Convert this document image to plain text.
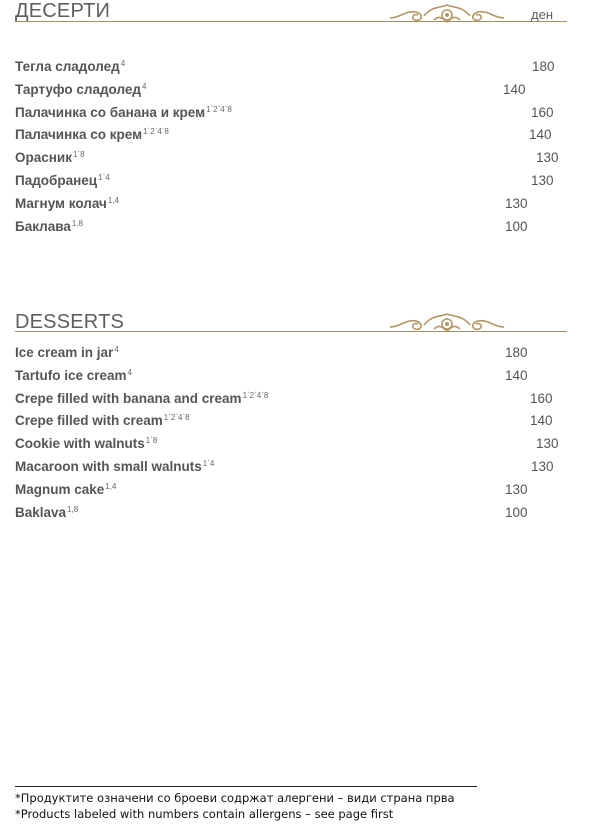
ДЕСЕРТИ	ден
Тегла сладолед$^4$	180
Тартуфо сладолед$^4$	140
Палачинка со банана и крем$^{1`2`4`8}$	160
Палачинка со крем$^{1`2`4`8}$	140
Орасник$^{1`8}$	130
Падобранец$^{1`4}$	130
Магнум колач$^{1,4}$	130
Баклава$^{1,8}$	100
DESSERTS
Ice cream in jar$^4$	180
Tartufo ice cream$^4$	140
Crepe filled with banana and cream$^{1`2`4`8}$	160
Crepe filled with cream$^{1`2`4`8}$	140
Cookie with walnuts$^{1`8}$	130
Macaroon with small walnuts$^{1`4}$	130
Magnum cake$^{1,4}$	130
Baklava$^{1,8}$	100
*Продуктите означени со броеви содржат алергени – види страна прва
*Products labeled with numbers contain allergens – see page first
